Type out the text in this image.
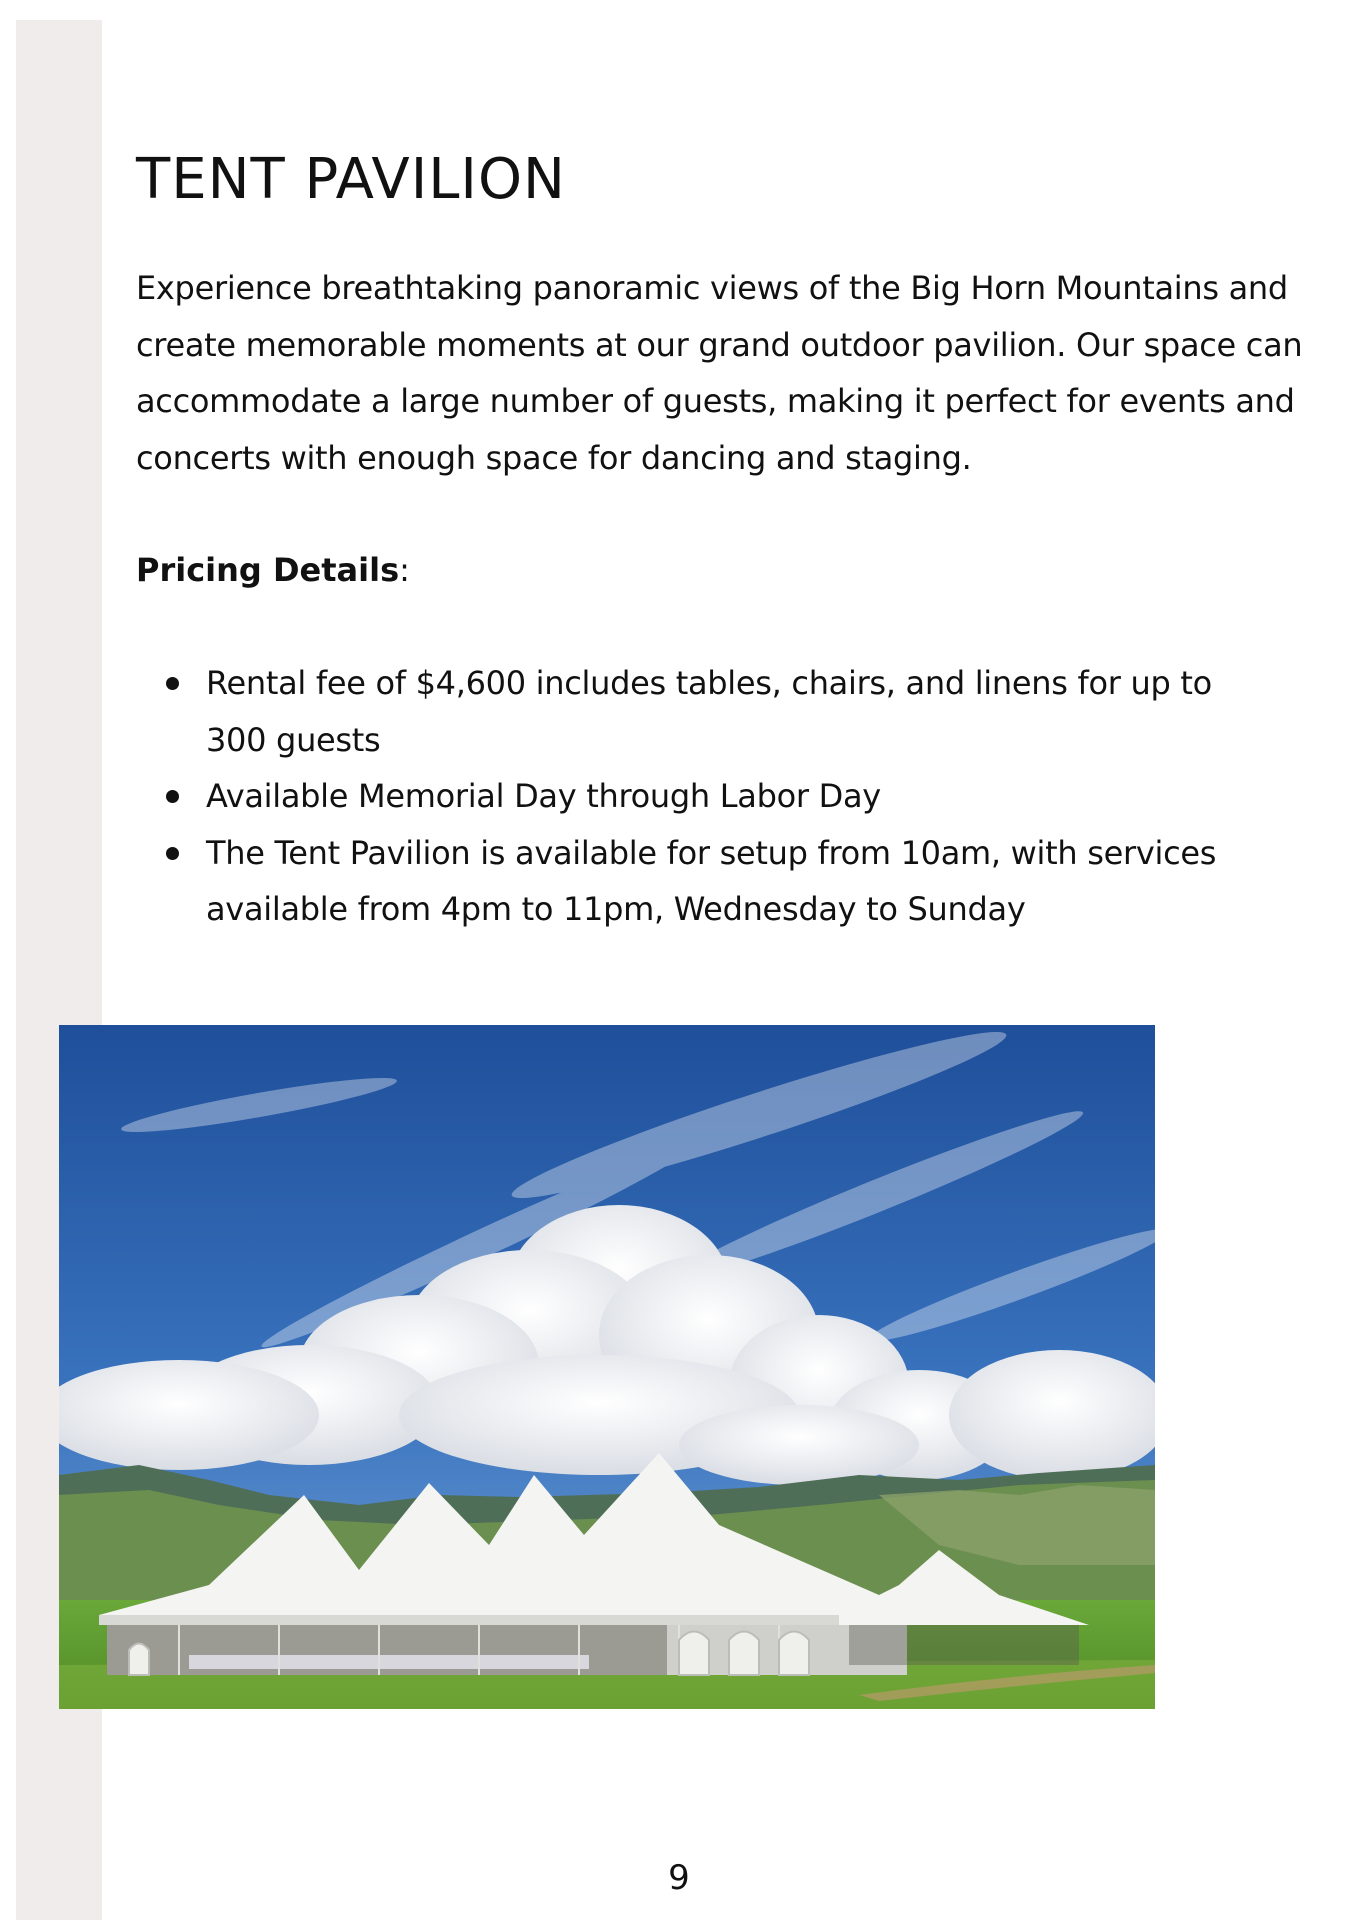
TENT PAVILION

Experience breathtaking panoramic views of the Big Horn Mountains and create memorable moments at our grand outdoor pavilion. Our space can accommodate a large number of guests, making it perfect for events and concerts with enough space for dancing and staging.

Pricing Details:

Rental fee of $4,600 includes tables, chairs, and linens for up to 300 guests
Available Memorial Day through Labor Day
The Tent Pavilion is available for setup from 10am, with services available from 4pm to 11pm, Wednesday to Sunday

9
